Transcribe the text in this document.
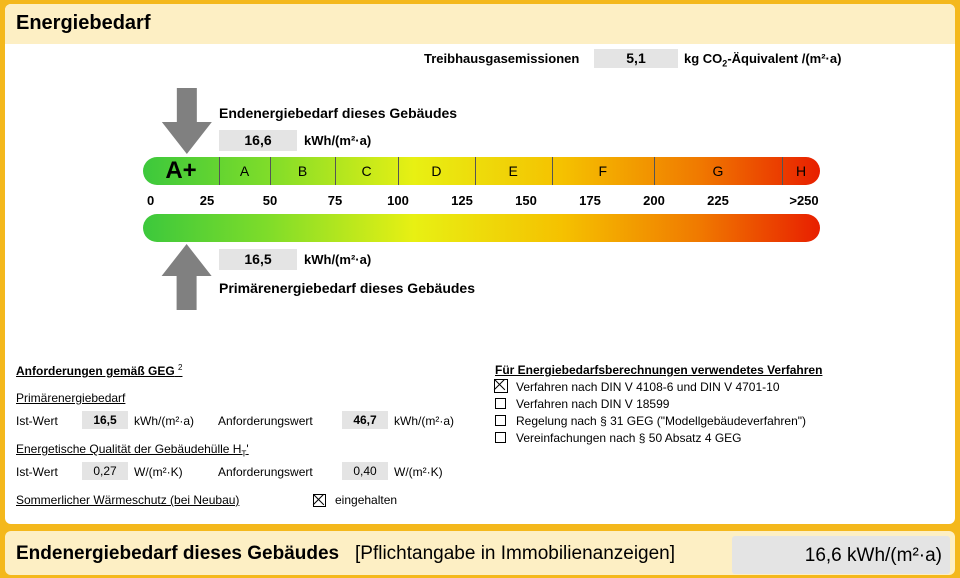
Energiebedarf
Treibhausgasemissionen	5,1	kg $CO_2$-Äquivalent /(m²·a)
Endenergiebedarf dieses Gebäudes
16,6	kWh/(m²·a)
A+	A	B	C	D	E	F	G	H
0	25	50	75	100	125	150	175	200	225	>250
16,5	kWh/(m²·a)
Primärenergiebedarf dieses Gebäudes
Anforderungen gemäß GEG $^2$
Primärenergiebedarf
Ist-Wert	16,5	kWh/(m²·a) Anforderungswert	46,7	kWh/(m²·a)
Energetische Qualität der Gebäudehülle $H_T'$
Ist-Wert	0,27	W/(m²·K)	Anforderungswert	0,40	W/(m²·K)
Sommerlicher Wärmeschutz (bei Neubau)	eingehalten
Für Energiebedarfsberechnungen verwendetes Verfahren
Verfahren nach DIN V 4108-6 und DIN V 4701-10
Verfahren nach DIN V 18599
Regelung nach § 31 GEG ("Modellgebäudeverfahren")
Vereinfachungen nach § 50 Absatz 4 GEG
Endenergiebedarf dieses Gebäudes [Pflichtangabe in Immobilienanzeigen]	16,6 kWh/(m²·a)
